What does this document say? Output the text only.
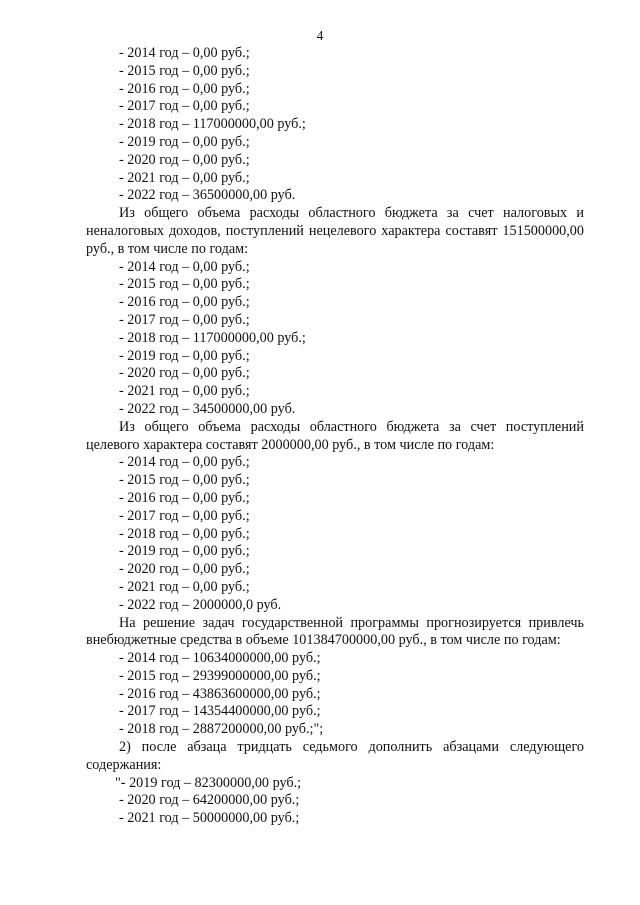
4
- 2014 год – 0,00 руб.;
- 2015 год – 0,00 руб.;
- 2016 год – 0,00 руб.;
- 2017 год – 0,00 руб.;
- 2018 год – 117000000,00 руб.;
- 2019 год – 0,00 руб.;
- 2020 год – 0,00 руб.;
- 2021 год – 0,00 руб.;
- 2022 год – 36500000,00 руб.
Из общего объема расходы областного бюджета за счет налоговых и неналоговых доходов, поступлений нецелевого характера составят 151500000,00 руб., в том числе по годам:
- 2014 год – 0,00 руб.;
- 2015 год – 0,00 руб.;
- 2016 год – 0,00 руб.;
- 2017 год – 0,00 руб.;
- 2018 год – 117000000,00 руб.;
- 2019 год – 0,00 руб.;
- 2020 год – 0,00 руб.;
- 2021 год – 0,00 руб.;
- 2022 год – 34500000,00 руб.
Из общего объема расходы областного бюджета за счет поступлений целевого характера составят 2000000,00 руб., в том числе по годам:
- 2014 год – 0,00 руб.;
- 2015 год – 0,00 руб.;
- 2016 год – 0,00 руб.;
- 2017 год – 0,00 руб.;
- 2018 год – 0,00 руб.;
- 2019 год – 0,00 руб.;
- 2020 год – 0,00 руб.;
- 2021 год – 0,00 руб.;
- 2022 год – 2000000,0 руб.
На решение задач государственной программы прогнозируется привлечь внебюджетные средства в объеме 101384700000,00 руб., в том числе по годам:
- 2014 год – 10634000000,00 руб.;
- 2015 год – 29399000000,00 руб.;
- 2016 год – 43863600000,00 руб.;
- 2017 год – 14354400000,00 руб.;
- 2018 год – 2887200000,00 руб.;";
2) после абзаца тридцать седьмого дополнить абзацами следующего содержания:
"- 2019 год – 82300000,00 руб.;
- 2020 год – 64200000,00 руб.;
- 2021 год – 50000000,00 руб.;
